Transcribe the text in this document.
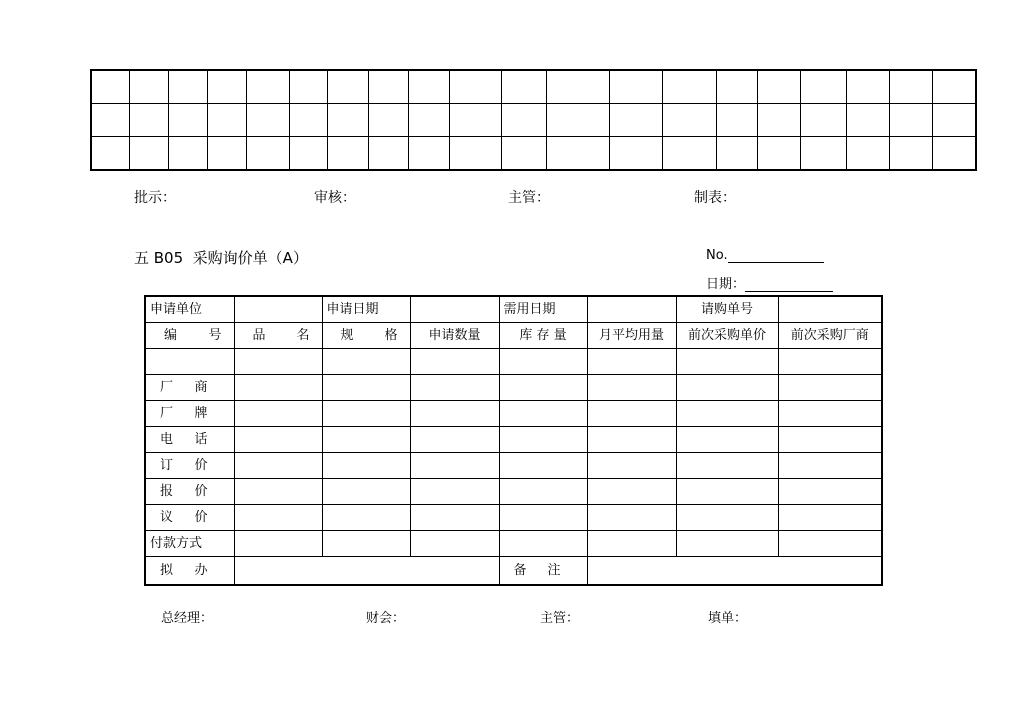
批示：	审核：	主管：	制表：
五 B05  采购询价单（A）	No.
日期：
申请单位		申请日期		需用日期		请购单号	

编 号	品 名	规 格	申请数量	库 存 量	月平均用量	前次采购单价	前次采购厂商

厂 商							

厂 牌							

电 话							

订 价							

报 价							

议 价							

付款方式							

拟 办				备 注			

总经理：	财会：	主管：	填单：
